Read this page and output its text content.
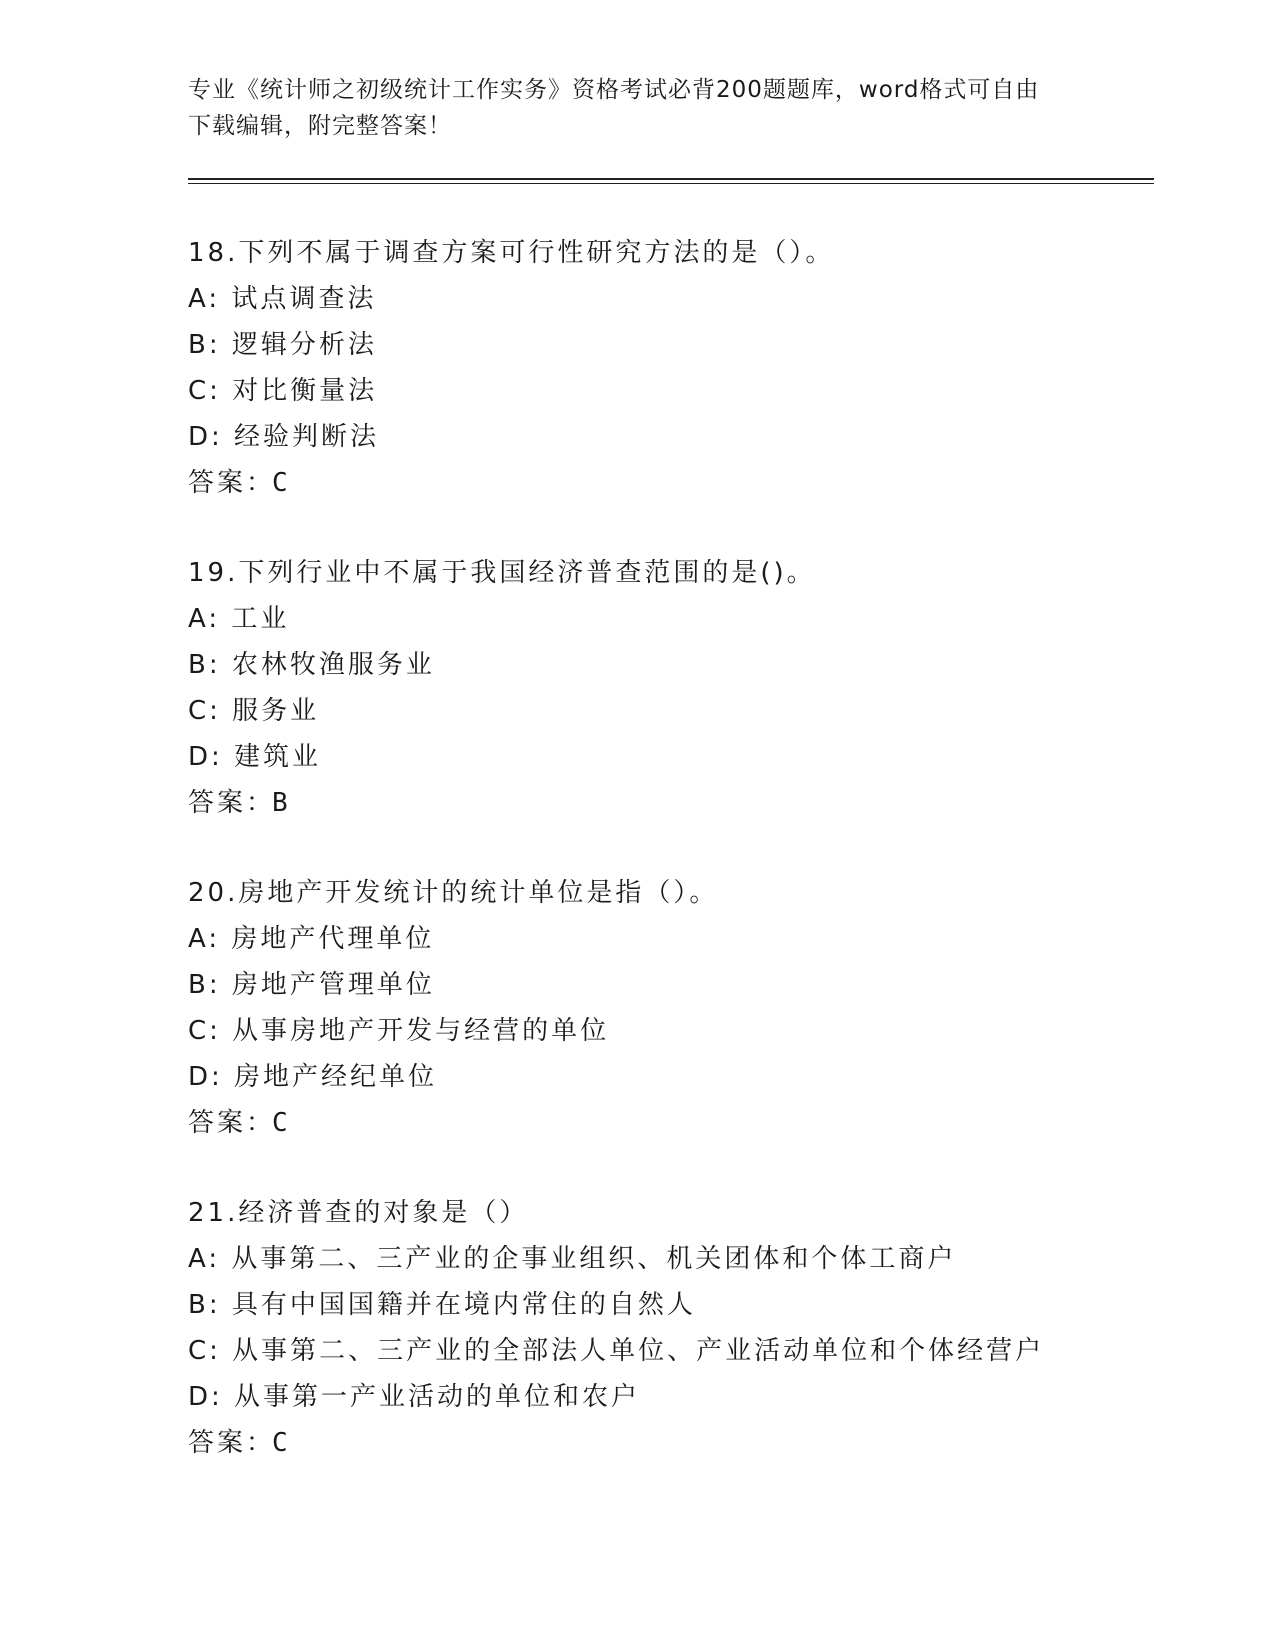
专业《统计师之初级统计工作实务》资格考试必背200题题库，word格式可自由
下载编辑，附完整答案！
18.下列不属于调查方案可行性研究方法的是（）。
A: 试点调查法
B: 逻辑分析法
C: 对比衡量法
D: 经验判断法
答案：C
19.下列行业中不属于我国经济普查范围的是()。
A: 工业
B: 农林牧渔服务业
C: 服务业
D: 建筑业
答案：B
20.房地产开发统计的统计单位是指（）。
A: 房地产代理单位
B: 房地产管理单位
C: 从事房地产开发与经营的单位
D: 房地产经纪单位
答案：C
21.经济普查的对象是（）
A: 从事第二、三产业的企事业组织、机关团体和个体工商户
B: 具有中国国籍并在境内常住的自然人
C: 从事第二、三产业的全部法人单位、产业活动单位和个体经营户
D: 从事第一产业活动的单位和农户
答案：C
